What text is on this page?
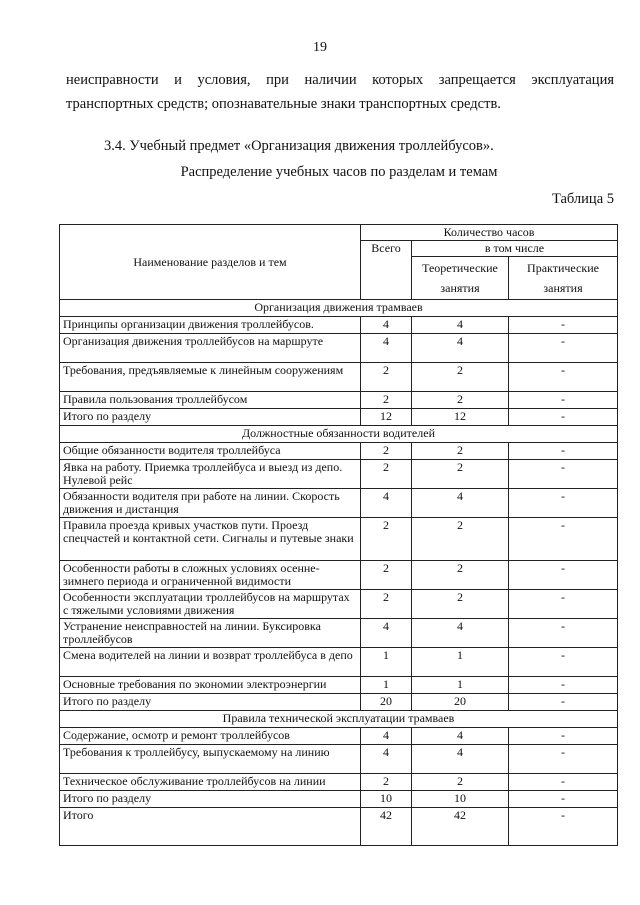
19
неисправности и условия, при наличии которых запрещается эксплуатация
транспортных средств; опознавательные знаки транспортных средств.
3.4. Учебный предмет «Организация движения троллейбусов».
Распределение учебных часов по разделам и темам
Таблица 5
Наименование разделов и тем	Количество часов		
	Всего	в том числе	
		Теоретические занятия	Практические занятия
Организация движения трамваев			
Принципы организации движения троллейбусов.	4	4	-
Организация движения троллейбусов на маршруте	4	4	-
Требования, предъявляемые к линейным сооружениям	2	2	-
Правила пользования троллейбусом	2	2	-
Итого по разделу	12	12	-
Должностные обязанности водителей			
Общие обязанности водителя троллейбуса	2	2	-
Явка на работу. Приемка троллейбуса и выезд из депо. Нулевой рейс	2	2	-
Обязанности водителя при работе на линии. Скорость движения и дистанция	4	4	-
Правила проезда кривых участков пути. Проезд спецчастей и контактной сети. Сигналы и путевые знаки	2	2	-
Особенности работы в сложных условиях осенне-зимнего периода и ограниченной видимости	2	2	-
Особенности эксплуатации троллейбусов на маршрутах с тяжелыми условиями движения	2	2	-
Устранение неисправностей на линии. Буксировка троллейбусов	4	4	-
Смена водителей на линии и возврат троллейбуса в депо	1	1	-
Основные требования по экономии электроэнергии	1	1	-
Итого по разделу	20	20	-
Правила технической эксплуатации трамваев			
Содержание, осмотр и ремонт троллейбусов	4	4	-
Требования к троллейбусу, выпускаемому на линию	4	4	-
Техническое обслуживание троллейбусов на линии	2	2	-
Итого по разделу	10	10	-
Итого	42	42	-
